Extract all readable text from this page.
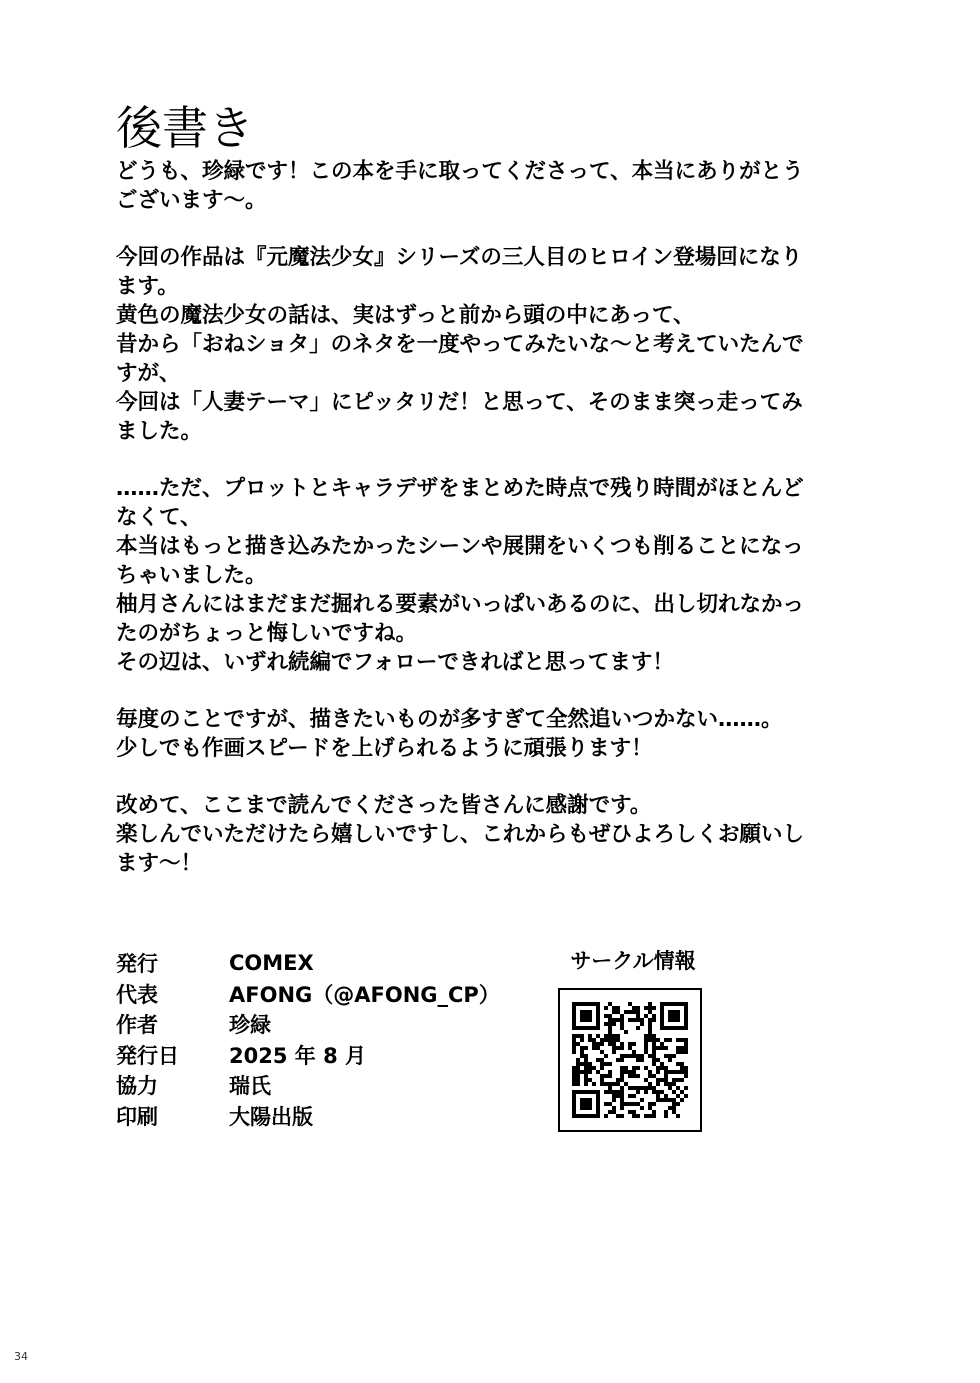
後書き

どうも、珍緑です！この本を手に取ってくださって、本当にありがとう
ございます〜。

今回の作品は『元魔法少女』シリーズの三人目のヒロイン登場回になり
ます。
黄色の魔法少女の話は、実はずっと前から頭の中にあって、
昔から「おねショタ」のネタを一度やってみたいな〜と考えていたんで
すが、
今回は「人妻テーマ」にピッタリだ！と思って、そのまま突っ走ってみ
ました。

……ただ、プロットとキャラデザをまとめた時点で残り時間がほとんど
なくて、
本当はもっと描き込みたかったシーンや展開をいくつも削ることになっ
ちゃいました。
柚月さんにはまだまだ掘れる要素がいっぱいあるのに、出し切れなかっ
たのがちょっと悔しいですね。
その辺は、いずれ続編でフォローできればと思ってます！

毎度のことですが、描きたいものが多すぎて全然追いつかない……。
少しでも作画スピードを上げられるように頑張ります！

改めて、ここまで読んでくださった皆さんに感謝です。
楽しんでいただけたら嬉しいですし、これからもぜひよろしくお願いし
ます〜！

発行	COMEX
代表	AFONG（@AFONG_CP）
作者	珍緑
発行日	2025 年 8 月
協力	瑞氏
印刷	大陽出版
サークル情報
34
